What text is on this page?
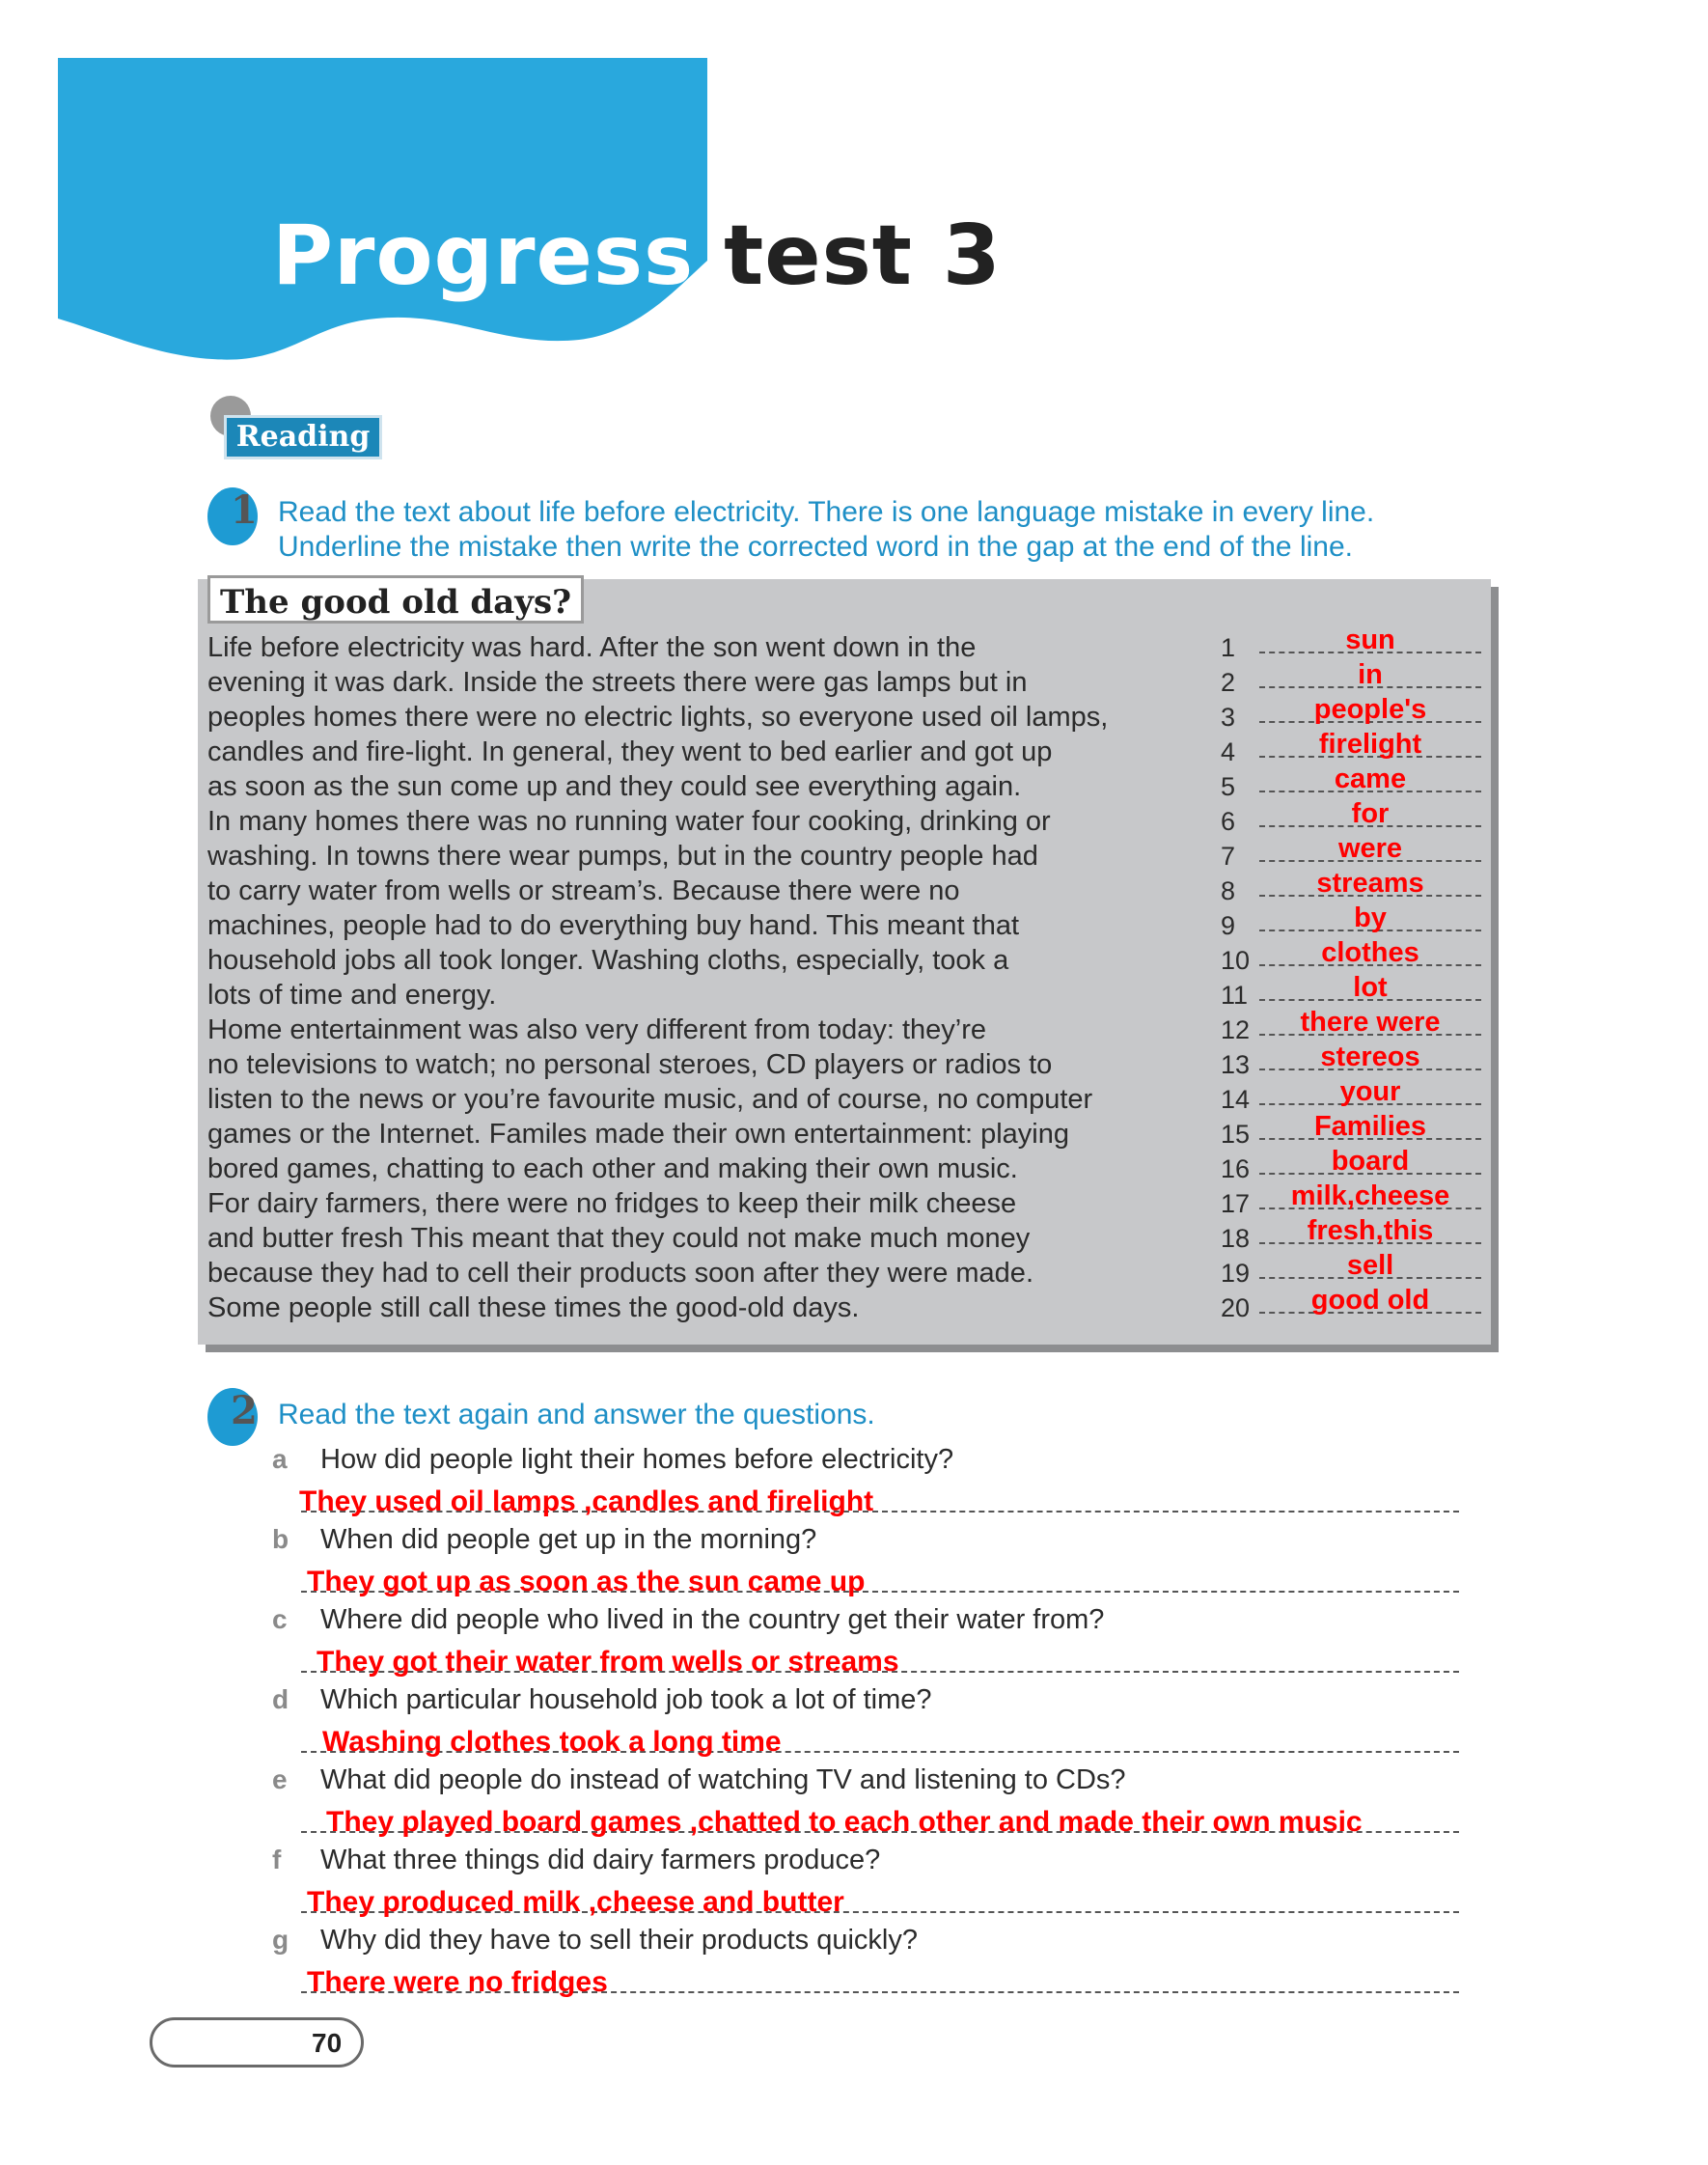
Progress test 3
Reading
1 Read the text about life before electricity. There is one language mistake in every line.
Underline the mistake then write the corrected word in the gap at the end of the line.
The good old days?
Life before electricity was hard. After the son went down in the
evening it was dark. Inside the streets there were gas lamps but in
peoples homes there were no electric lights, so everyone used oil lamps,
candles and fire-light. In general, they went to bed earlier and got up
as soon as the sun come up and they could see everything again.
In many homes there was no running water four cooking, drinking or
washing. In towns there wear pumps, but in the country people had
to carry water from wells or stream’s. Because there were no
machines, people had to do everything buy hand. This meant that
household jobs all took longer. Washing cloths, especially, took a
lots of time and energy.
Home entertainment was also very different from today: they’re
no televisions to watch; no personal steroes, CD players or radios to
listen to the news or you’re favourite music, and of course, no computer
games or the Internet. Familes made their own entertainment: playing
bored games, chatting to each other and making their own music.
For dairy farmers, there were no fridges to keep their milk cheese
and butter fresh This meant that they could not make much money
because they had to cell their products soon after they were made.
Some people still call these times the good-old days.
1	sun
2	in
3	people's
4	firelight
5	came
6	for
7	were
8	streams
9	by
10	clothes
11	lot
12	there were
13	stereos
14	your
15	Families
16	board
17	milk,cheese
18	fresh,this
19	sell
20	good old
2 Read the text again and answer the questions.
a How did people light their homes before electricity?
They used oil lamps ,candles and firelight
b When did people get up in the morning?
They got up as soon as the sun came up
c Where did people who lived in the country get their water from?
They got their water from wells or streams
d Which particular household job took a lot of time?
Washing clothes took a long time
e What did people do instead of watching TV and listening to CDs?
They played board games ,chatted to each other and made their own music
f What three things did dairy farmers produce?
They produced milk ,cheese and butter
g Why did they have to sell their products quickly?
There were no fridges
70
